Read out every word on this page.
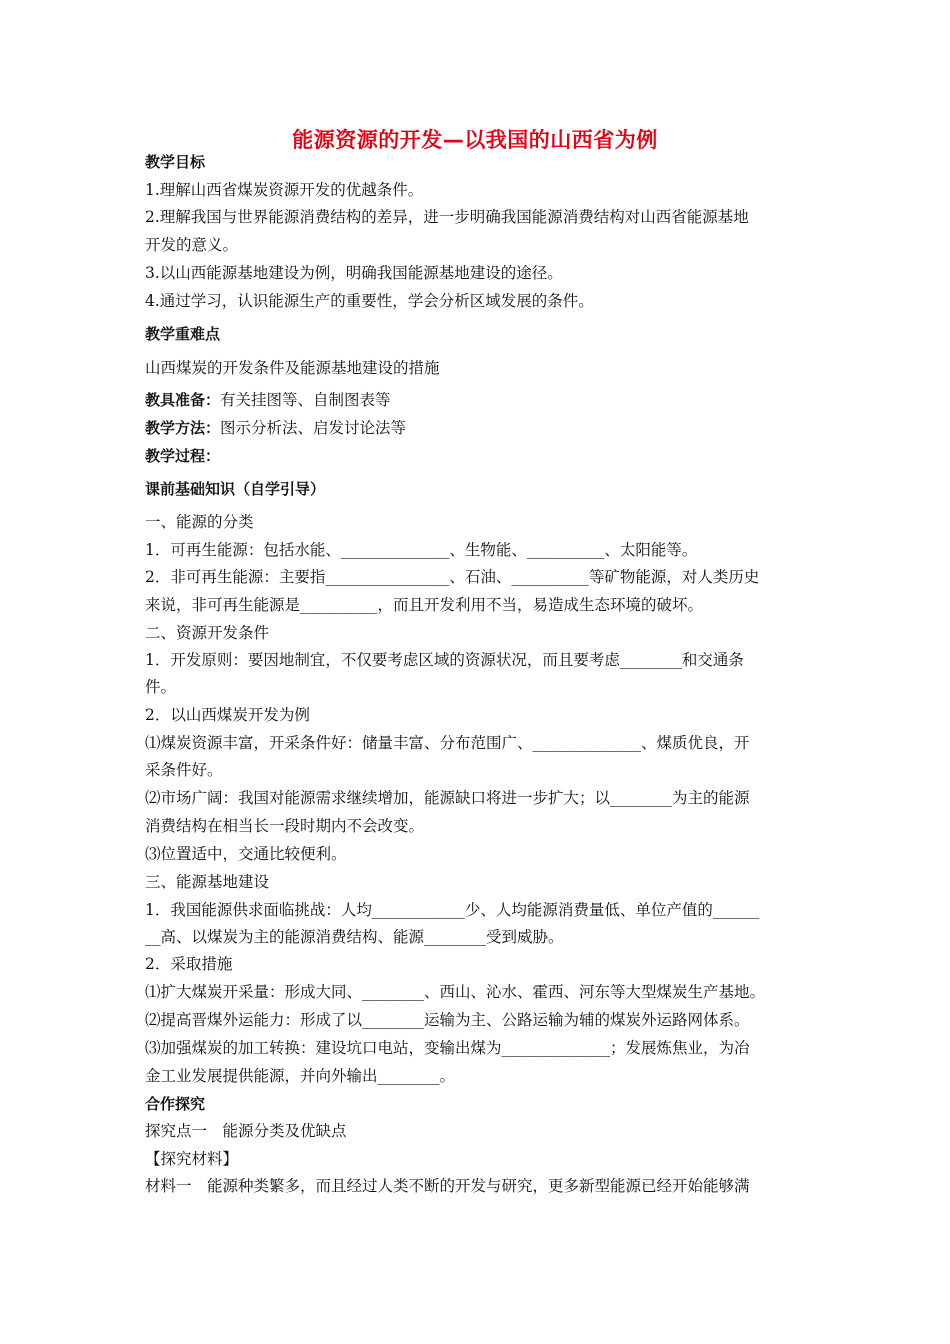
能源资源的开发—以我国的山西省为例
教学目标
1.理解山西省煤炭资源开发的优越条件。
2.理解我国与世界能源消费结构的差异，进一步明确我国能源消费结构对山西省能源基地
开发的意义。
3.以山西能源基地建设为例，明确我国能源基地建设的途径。
4.通过学习，认识能源生产的重要性，学会分析区域发展的条件。
教学重难点
山西煤炭的开发条件及能源基地建设的措施
教具准备：有关挂图等、自制图表等
教学方法：图示分析法、启发讨论法等
教学过程：
课前基础知识（自学引导）
一、能源的分类
1．可再生能源：包括水能、______________、生物能、__________、太阳能等。
2．非可再生能源：主要指________________、石油、__________等矿物能源，对人类历史
来说，非可再生能源是__________，而且开发利用不当，易造成生态环境的破坏。
二、资源开发条件
1．开发原则：要因地制宜，不仅要考虑区域的资源状况，而且要考虑________和交通条
件。
2．以山西煤炭开发为例
⑴煤炭资源丰富，开采条件好：储量丰富、分布范围广、______________、煤质优良，开
采条件好。
⑵市场广阔：我国对能源需求继续增加，能源缺口将进一步扩大；以________为主的能源
消费结构在相当长一段时期内不会改变。
⑶位置适中，交通比较便利。
三、能源基地建设
1．我国能源供求面临挑战：人均____________少、人均能源消费量低、单位产值的______
__高、以煤炭为主的能源消费结构、能源________受到威胁。
2．采取措施
⑴扩大煤炭开采量：形成大同、________、西山、沁水、霍西、河东等大型煤炭生产基地。
⑵提高晋煤外运能力：形成了以________运输为主、公路运输为辅的煤炭外运路网体系。
⑶加强煤炭的加工转换：建设坑口电站，变输出煤为______________；发展炼焦业，为冶
金工业发展提供能源，并向外输出________。
合作探究
探究点一　能源分类及优缺点
【探究材料】
材料一　能源种类繁多，而且经过人类不断的开发与研究，更多新型能源已经开始能够满
